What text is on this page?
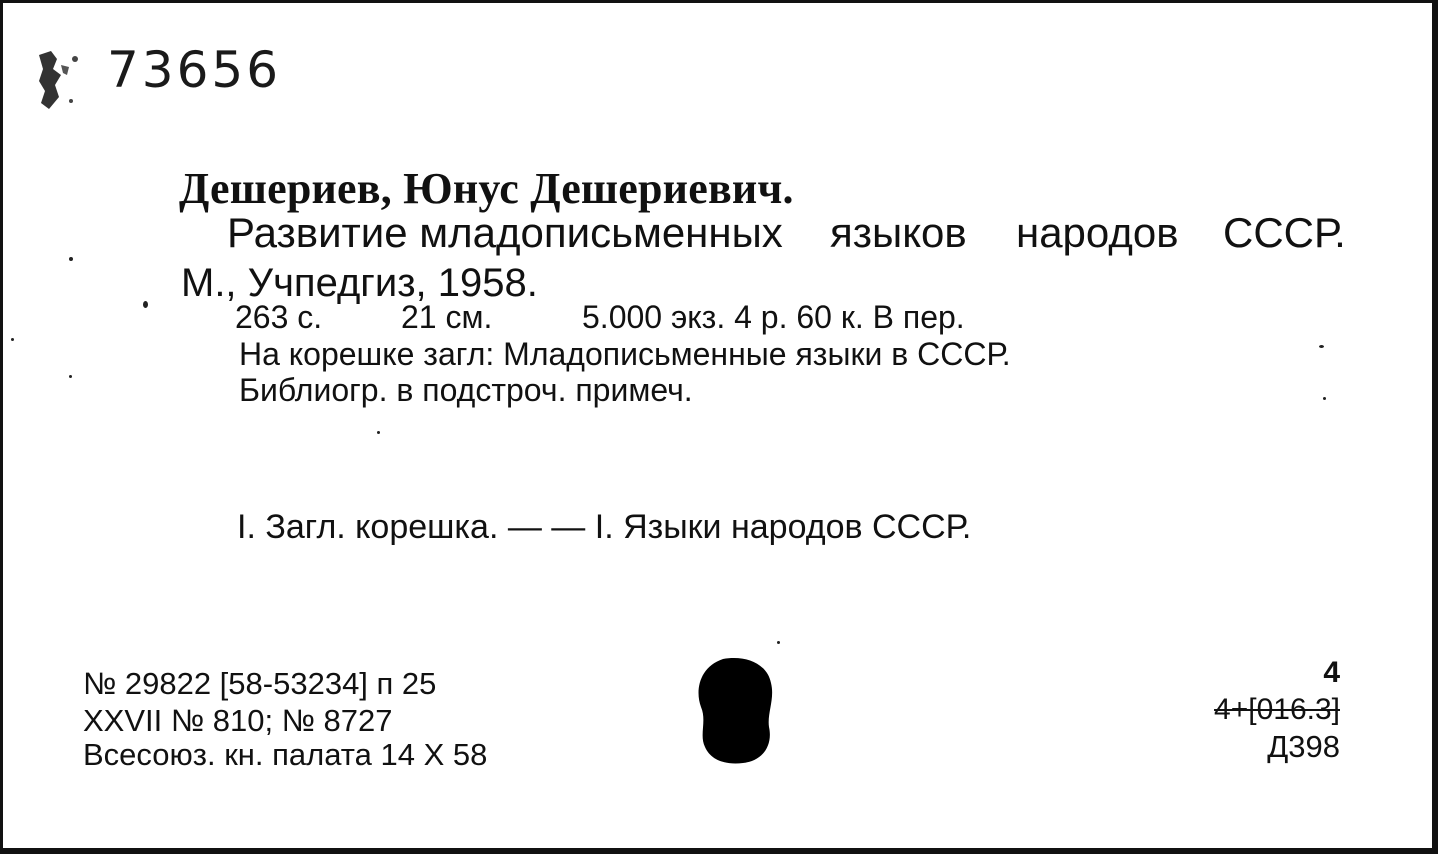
73656
Дешериев, Юнус Дешериевич.
Развитие младописьменных языков народов СССР.
М., Учпедгиз, 1958.
263 с. 21 см.	5.000 экз. 4 р. 60 к. В пер.
На корешке загл: Младописьменные языки в СССР.
Библиогр. в подстроч. примеч.
I. Загл. корешка. — — I. Языки народов СССР.
№ 29822 [58-53234] п 25
XXVII № 810; № 8727
Всесоюз. кн. палата 14 X 58
4
4+[016.3]
Д398
